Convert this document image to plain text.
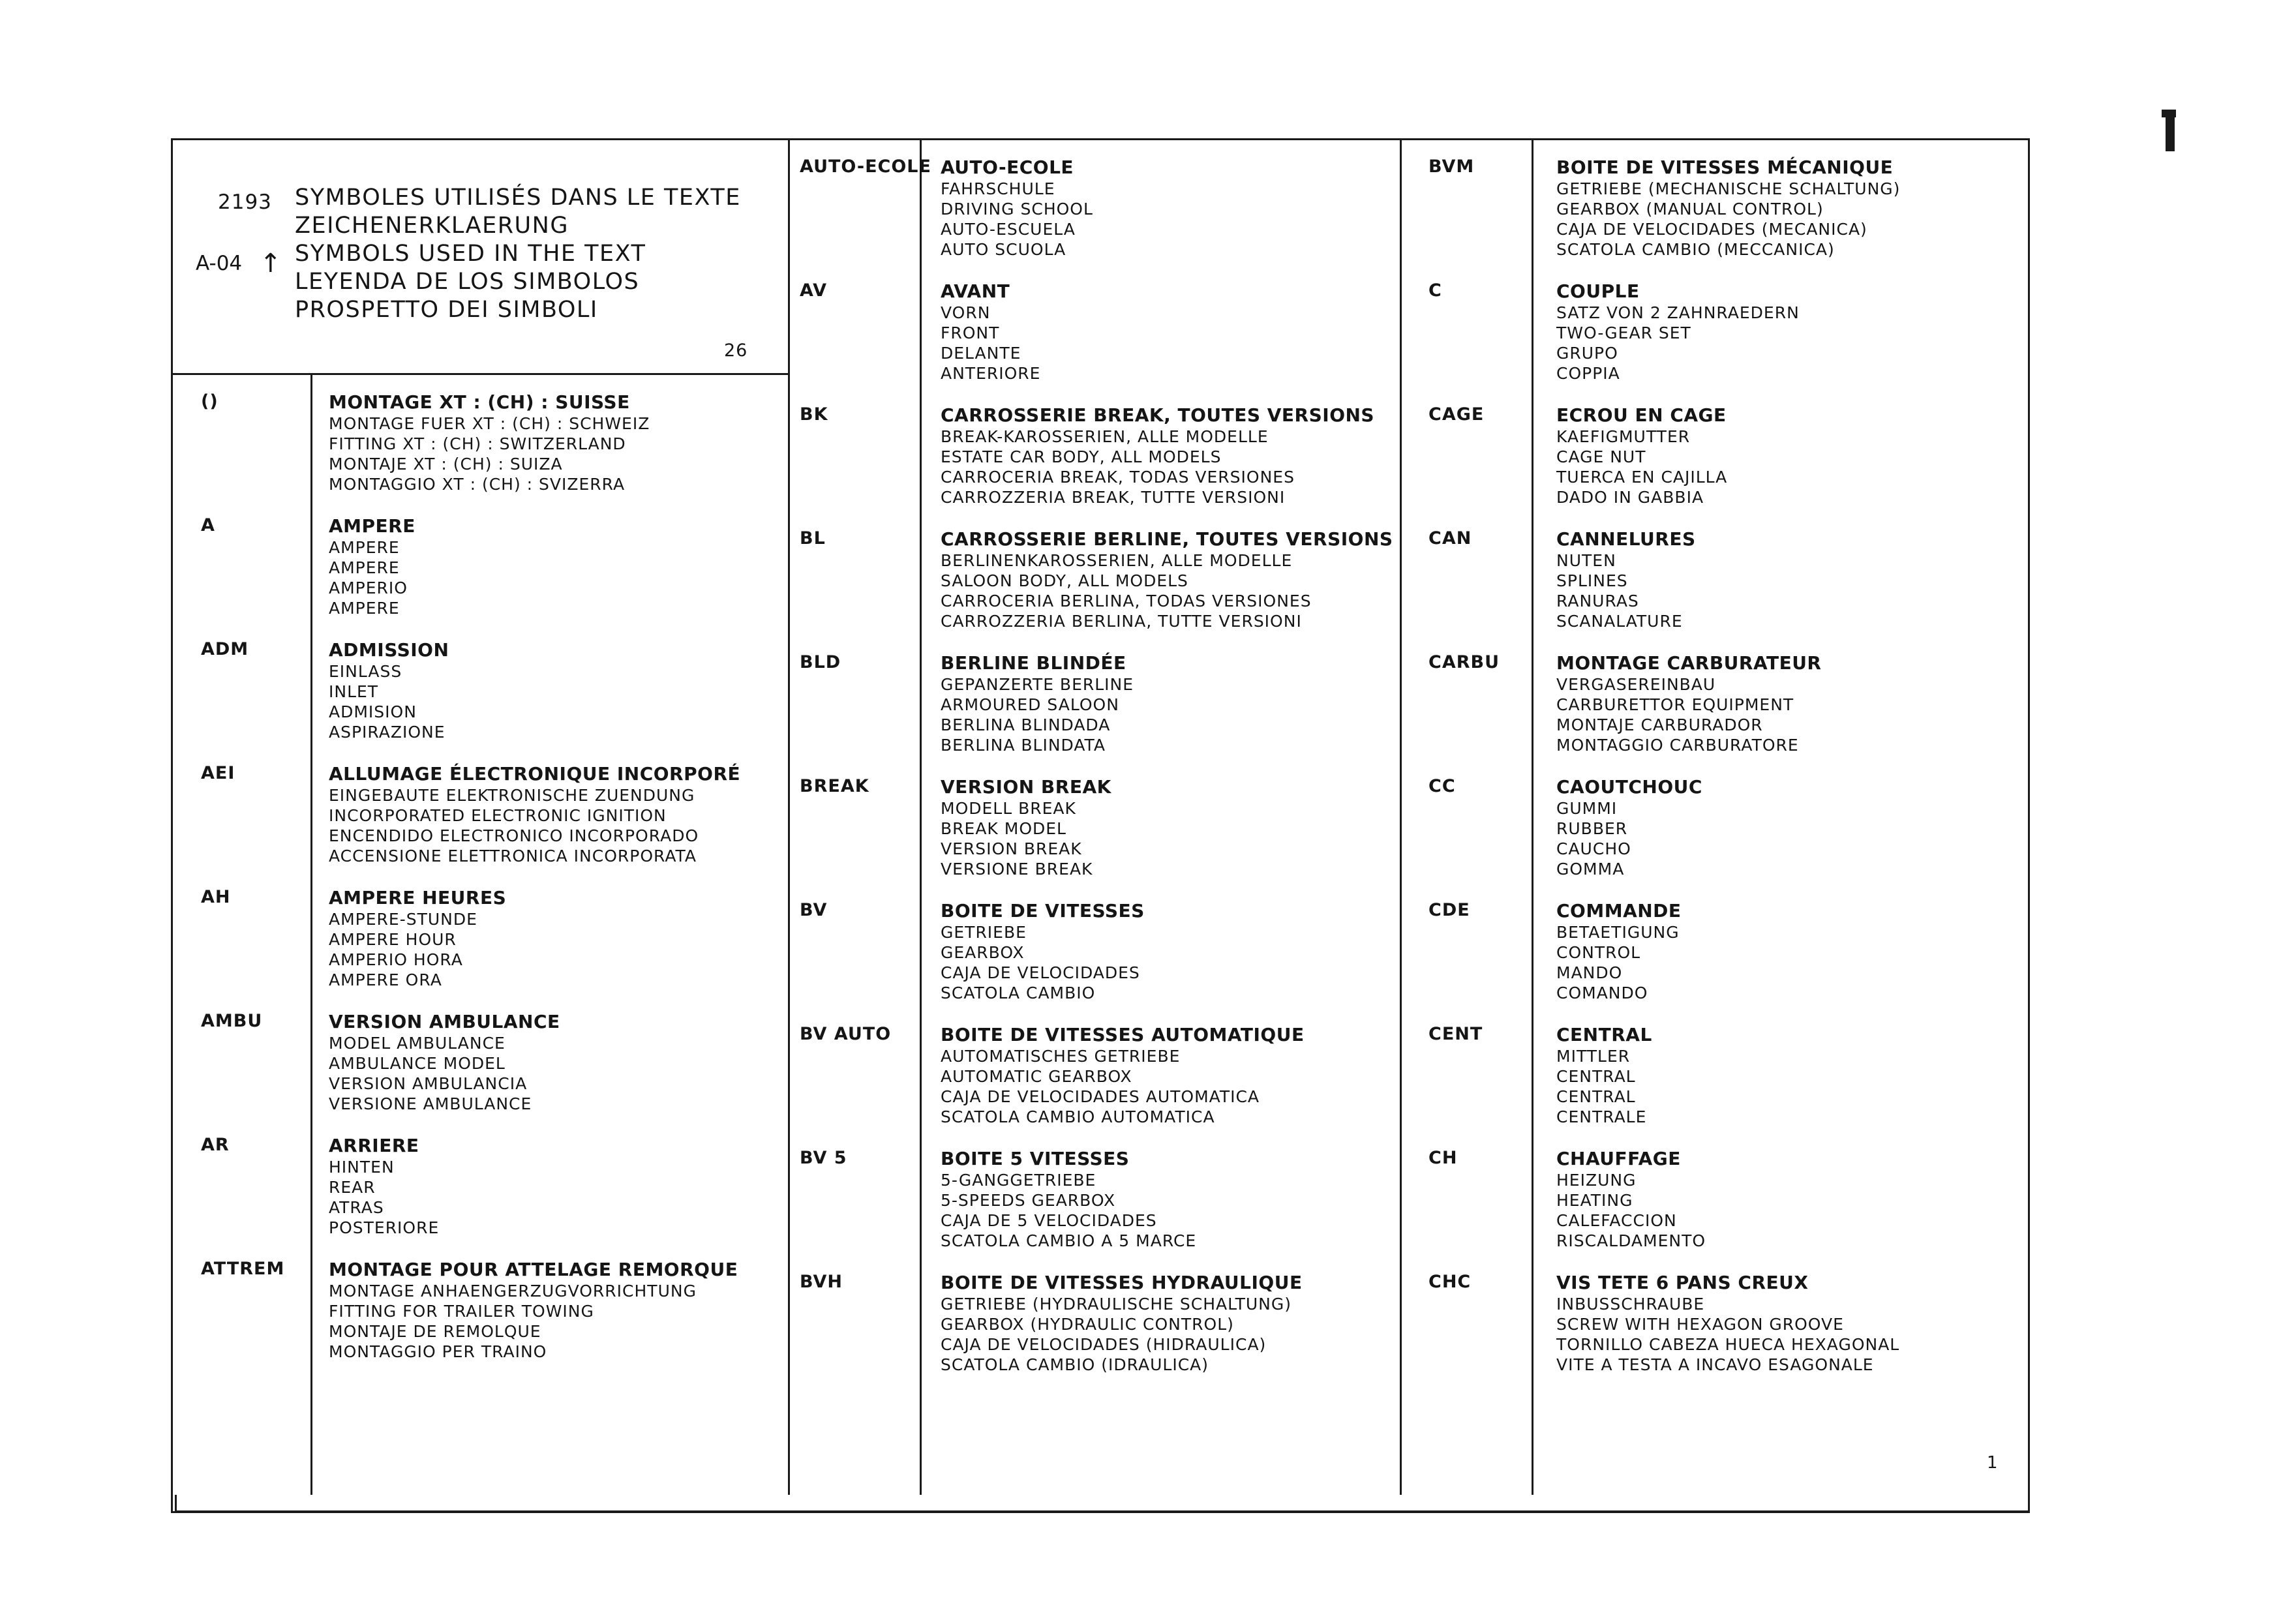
2193
A-04 ↑
SYMBOLES UTILISÉS DANS LE TEXTE
ZEICHENERKLAERUNG
SYMBOLS USED IN THE TEXT
LEYENDA DE LOS SIMBOLOS
PROSPETTO DEI SIMBOLI
26
()	MONTAGE XT : (CH) : SUISSE
MONTAGE FUER XT : (CH) : SCHWEIZ
FITTING XT : (CH) : SWITZERLAND
MONTAJE XT : (CH) : SUIZA
MONTAGGIO XT : (CH) : SVIZERRA
A	AMPERE
AMPERE
AMPERE
AMPERIO
AMPERE
ADM	ADMISSION
EINLASS
INLET
ADMISION
ASPIRAZIONE
AEI	ALLUMAGE ÉLECTRONIQUE INCORPORÉ
EINGEBAUTE ELEKTRONISCHE ZUENDUNG
INCORPORATED ELECTRONIC IGNITION
ENCENDIDO ELECTRONICO INCORPORADO
ACCENSIONE ELETTRONICA INCORPORATA
AH	AMPERE HEURES
AMPERE-STUNDE
AMPERE HOUR
AMPERIO HORA
AMPERE ORA
AMBU	VERSION AMBULANCE
MODEL AMBULANCE
AMBULANCE MODEL
VERSION AMBULANCIA
VERSIONE AMBULANCE
AR	ARRIERE
HINTEN
REAR
ATRAS
POSTERIORE
ATTREM MONTAGE POUR ATTELAGE REMORQUE
MONTAGE ANHAENGERZUGVORRICHTUNG
FITTING FOR TRAILER TOWING
MONTAJE DE REMOLQUE
MONTAGGIO PER TRAINO
AUTO-ECOLE AUTO-ECOLE
FAHRSCHULE
DRIVING SCHOOL
AUTO-ESCUELA
AUTO SCUOLA
AV	AVANT
VORN
FRONT
DELANTE
ANTERIORE
BK	CARROSSERIE BREAK, TOUTES VERSIONS
BREAK-KAROSSERIEN, ALLE MODELLE
ESTATE CAR BODY, ALL MODELS
CARROCERIA BREAK, TODAS VERSIONES
CARROZZERIA BREAK, TUTTE VERSIONI
BL	CARROSSERIE BERLINE, TOUTES VERSIONS
BERLINENKAROSSERIEN, ALLE MODELLE
SALOON BODY, ALL MODELS
CARROCERIA BERLINA, TODAS VERSIONES
CARROZZERIA BERLINA, TUTTE VERSIONI
BLD	BERLINE BLINDÉE
GEPANZERTE BERLINE
ARMOURED SALOON
BERLINA BLINDADA
BERLINA BLINDATA
BREAK	VERSION BREAK
MODELL BREAK
BREAK MODEL
VERSION BREAK
VERSIONE BREAK
BV	BOITE DE VITESSES
GETRIEBE
GEARBOX
CAJA DE VELOCIDADES
SCATOLA CAMBIO
BV AUTO	BOITE DE VITESSES AUTOMATIQUE
AUTOMATISCHES GETRIEBE
AUTOMATIC GEARBOX
CAJA DE VELOCIDADES AUTOMATICA
SCATOLA CAMBIO AUTOMATICA
BV 5	BOITE 5 VITESSES
5-GANGGETRIEBE
5-SPEEDS GEARBOX
CAJA DE 5 VELOCIDADES
SCATOLA CAMBIO A 5 MARCE
BVH	BOITE DE VITESSES HYDRAULIQUE
GETRIEBE (HYDRAULISCHE SCHALTUNG)
GEARBOX (HYDRAULIC CONTROL)
CAJA DE VELOCIDADES (HIDRAULICA)
SCATOLA CAMBIO (IDRAULICA)
BVM	BOITE DE VITESSES MÉCANIQUE
GETRIEBE (MECHANISCHE SCHALTUNG)
GEARBOX (MANUAL CONTROL)
CAJA DE VELOCIDADES (MECANICA)
SCATOLA CAMBIO (MECCANICA)
C	COUPLE
SATZ VON 2 ZAHNRAEDERN
TWO-GEAR SET
GRUPO
COPPIA
CAGE	ECROU EN CAGE
KAEFIGMUTTER
CAGE NUT
TUERCA EN CAJILLA
DADO IN GABBIA
CAN	CANNELURES
NUTEN
SPLINES
RANURAS
SCANALATURE
CARBU	MONTAGE CARBURATEUR
VERGASEREINBAU
CARBURETTOR EQUIPMENT
MONTAJE CARBURADOR
MONTAGGIO CARBURATORE
CC	CAOUTCHOUC
GUMMI
RUBBER
CAUCHO
GOMMA
CDE	COMMANDE
BETAETIGUNG
CONTROL
MANDO
COMANDO
CENT	CENTRAL
MITTLER
CENTRAL
CENTRAL
CENTRALE
CH	CHAUFFAGE
HEIZUNG
HEATING
CALEFACCION
RISCALDAMENTO
CHC	VIS TETE 6 PANS CREUX
INBUSSCHRAUBE
SCREW WITH HEXAGON GROOVE
TORNILLO CABEZA HUECA HEXAGONAL
VITE A TESTA A INCAVO ESAGONALE
1
